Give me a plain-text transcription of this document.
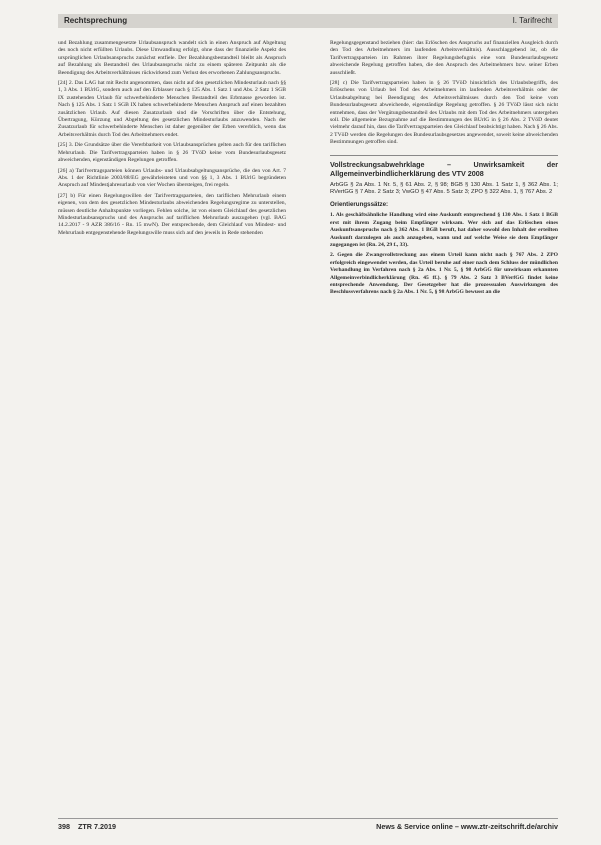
Rechtsprechung	I. Tarifrecht

und Bezahlung zusammengesetzte Urlaubsanspruch wandelt sich in einen Anspruch auf Abgeltung des noch nicht erfüllten Urlaubs. Diese Umwandlung erfolgt, ohne dass der finanzielle Aspekt des ursprünglichen Urlaubsanspruchs zunächst entfiele. Der Bezahlungsbestandteil bleibt als Anspruch auf Bezahlung als Bestandteil des Urlaubsanspruchs nicht zu einem späteren Zeitpunkt als die Beendigung des Arbeitsverhältnisses rückwirkend zum Verlust des erworbenen Zahlungsanspruchs.

[24] 2. Das LAG hat mit Recht angenommen, dass nicht auf den gesetzlichen Mindesturlaub nach §§ 1, 3 Abs. 1 BUrlG, sondern auch auf den Erblasser nach § 125 Abs. 1 Satz 1 und Abs. 2 Satz 1 SGB IX zustehenden Urlaub für schwerbehinderte Menschen Bestandteil des Erbmasse geworden ist. Nach § 125 Abs. 1 Satz 1 SGB IX haben schwerbehinderte Menschen Anspruch auf einen bezahlten zusätzlichen Urlaub. Auf diesen Zusatzurlaub sind die Vorschriften über die Entstehung, Übertragung, Kürzung und Abgeltung des gesetzlichen Mindesturlaubs anzuwenden. Nach der Zusatzurlaub für schwerbehinderte Menschen ist daher gegenüber der Erben vererblich, wenn das Arbeitsverhältnis durch Tod des Arbeitnehmers endet.

[25] 3. Die Grundsätze über die Vererbbarkeit von Urlaubsansprüchen gelten auch für den tariflichen Mehrurlaub. Die Tarifvertragsparteien haben in § 26 TVöD keine vom Bundesurlaubsgesetz abweichenden, eigenständigen Regelungen getroffen.

[26] a) Tarifvertragsparteien können Urlaubs- und Urlaubsabgeltungsansprüche, die den von Art. 7 Abs. 1 der Richtlinie 2003/88/EG gewährleisteten und von §§ 1, 3 Abs. 1 BUrlG begründeten Anspruch auf Mindestjahresurlaub von vier Wochen übersteigen, frei regeln.

[27] b) Für einen Regelungswillen der Tarifvertragsparteien, den tariflichen Mehrurlaub einem eigenen, von dem des gesetzlichen Mindesturlaubs abweichenden Regelungsregime zu unterstellen, müssen deutliche Anhaltspunkte vorliegen. Fehlen solche, ist von einem Gleichlauf des gesetzlichen Mindesturlaubsanspruchs und des Anspruchs auf tariflichen Mehrurlaub auszugehen (vgl. BAG 14.2.2017 - 9 AZR 386/16 - Rn. 15 mwN). Der entsprechende, dem Gleichlauf von Mindest- und Mehrurlaub entgegenstehende Regelungswille muss sich auf den jeweils in Rede stehenden

Regelungsgegenstand beziehen (hier: das Erlöschen des Anspruchs auf finanziellen Ausgleich durch den Tod des Arbeitnehmers im laufenden Arbeitsverhältnis). Ausschlaggebend ist, ob die Tarifvertragsparteien im Rahmen ihrer Regelungsbefugnis eine vom Bundesurlaubsgesetz abweichende Regelung getroffen haben, die den Anspruch des Arbeitnehmers bzw. seiner Erben ausschließt.

[28] c) Die Tarifvertragsparteien haben in § 26 TVöD hinsichtlich des Urlaubsbegriffs, des Erlöschens von Urlaub bei Tod des Arbeitnehmers im laufenden Arbeitsverhältnis oder der Urlaubsabgeltung bei Beendigung des Arbeitsverhältnisses durch den Tod keine vom Bundesurlaubsgesetz abweichende, eigenständige Regelung getroffen. § 26 TVöD lässt sich nicht entnehmen, dass der Vergütungsbestandteil des Urlaubs mit dem Tod des Arbeitnehmers untergehen soll. Die allgemeine Bezugnahme auf die Bestimmungen des BUrlG in § 26 Abs. 2 TVöD deutet vielmehr darauf hin, dass die Tarifvertragsparteien den Gleichlauf beabsichtigt haben. Nach § 26 Abs. 2 TVöD werden die Regelungen des Bundesurlaubsgesetzes angewendet, soweit keine abweichenden Bestimmungen getroffen sind.

Vollstreckungsabwehrklage – Unwirksamkeit der Allgemeinverbindlicherklärung des VTV 2008
ArbGG § 2a Abs. 1 Nr. 5, § 61 Abs. 2, § 98; BGB § 130 Abs. 1 Satz 1, § 362 Abs. 1; RVertGG § 7 Abs. 2 Satz 3; VwGO § 47 Abs. 5 Satz 3; ZPO § 322 Abs. 1, § 767 Abs. 2
Orientierungssätze:

1. Als geschäftsähnliche Handlung wird eine Auskunft entsprechend § 130 Abs. 1 Satz 1 BGB erst mit ihrem Zugang beim Empfänger wirksam. Wer sich auf das Erlöschen eines Auskunftsanspruchs nach § 362 Abs. 1 BGB beruft, hat daher sowohl den Inhalt der erteilten Auskunft darzulegen als auch anzugeben, wann und auf welche Weise sie dem Empfänger zugegangen ist (Rn. 24, 29 f., 33).

2. Gegen die Zwangsvollstreckung aus einem Urteil kann nicht nach § 767 Abs. 2 ZPO erfolgreich eingewendet werden, das Urteil beruhe auf einer nach dem Schluss der mündlichen Verhandlung im Verfahren nach § 2a Abs. 1 Nr. 5, § 98 ArbGG für unwirksam erkannten Allgemeinverbindlicherklärung (Rn. 45 ff.). § 79 Abs. 2 Satz 3 BVerfGG findet keine entsprechende Anwendung. Der Gesetzgeber hat die prozessualen Auswirkungen des Beschlussverfahrens nach § 2a Abs. 1 Nr. 5, § 98 ArbGG bewusst an die

398 ZTR 7.2019	News & Service online – www.ztr-zeitschrift.de/archiv
